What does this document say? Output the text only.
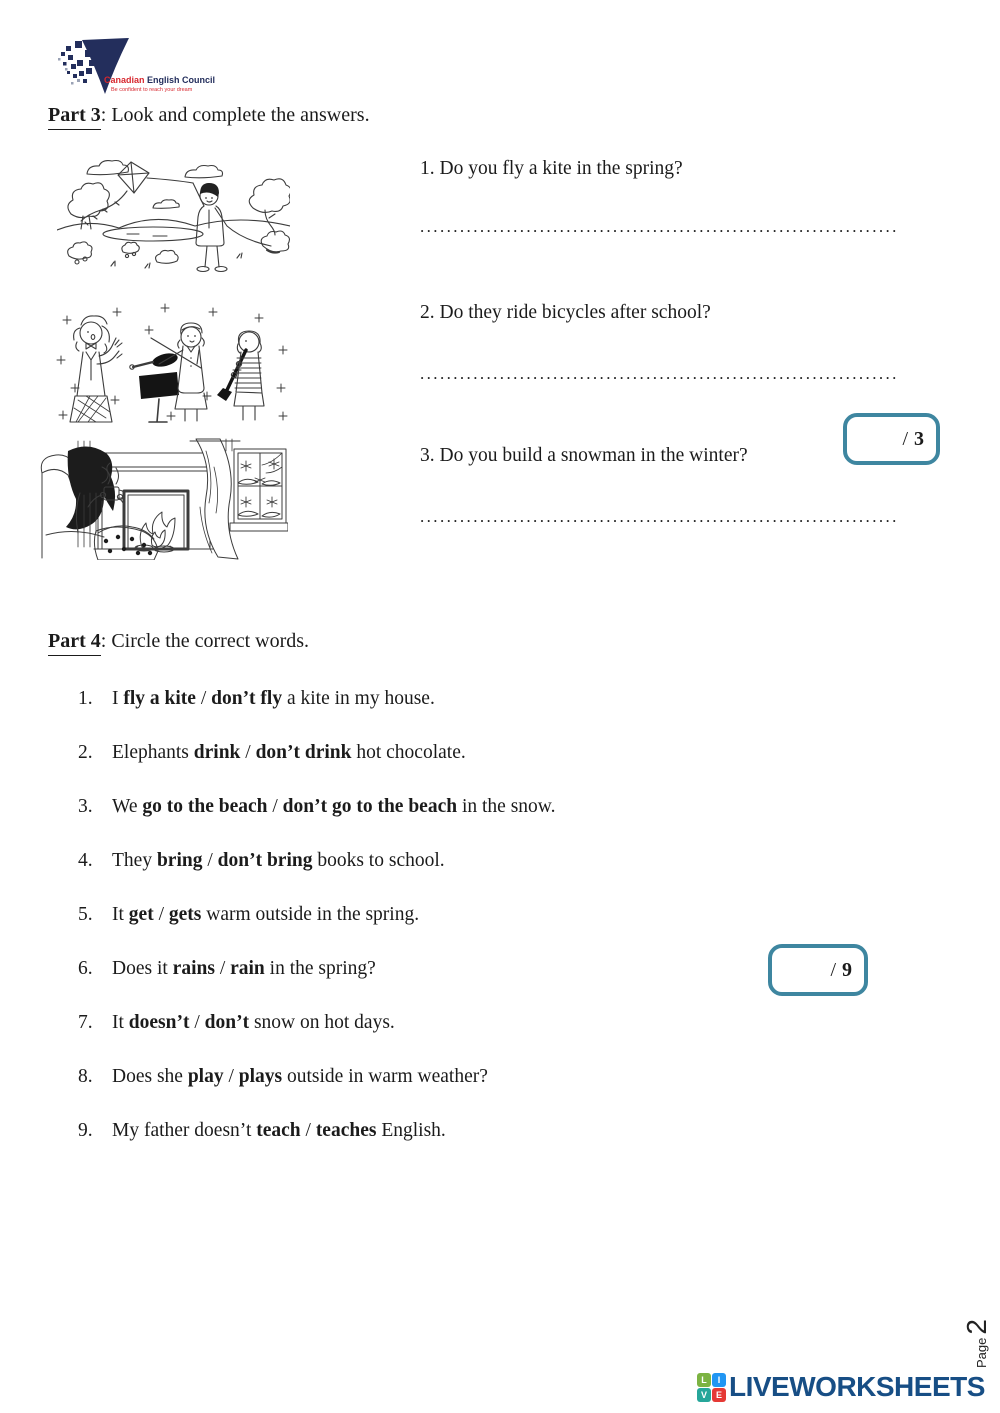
Canadian English Council
Be confident to reach your dream
Part 3: Look and complete the answers.
1. Do you fly a kite in the spring?
........................................................................
2. Do they ride bicycles after school?
........................................................................
3. Do you build a snowman in the winter?
........................................................................
/ 3
Part 4: Circle the correct words.
1. I fly a kite / don’t fly a kite in my house.
2. Elephants drink / don’t drink hot chocolate.
3. We go to the beach / don’t go to the beach in the snow.
4. They bring / don’t bring books to school.
5. It get / gets warm outside in the spring.
6. Does it rains / rain in the spring?
7. It doesn’t / don’t snow on hot days.
8. Does she play / plays outside in warm weather?
9. My father doesn’t teach / teaches English.
/ 9
Page
2
L	I
V E LIVEWORKSHEETS
